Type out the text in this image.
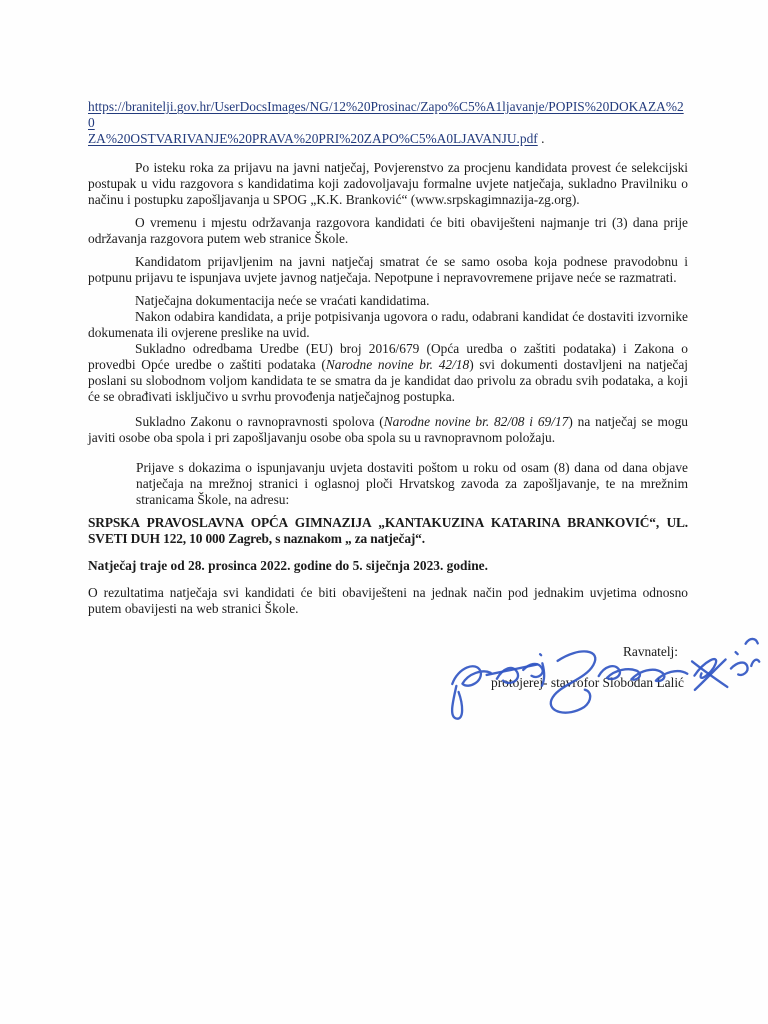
https://branitelji.gov.hr/UserDocsImages/NG/12%20Prosinac/Zapo%C5%A1ljavanje/POPIS%20DOKAZA%20
ZA%20OSTVARIVANJE%20PRAVA%20PRI%20ZAPO%C5%A0LJAVANJU.pdf .

Po isteku roka za prijavu na javni natječaj, Povjerenstvo za procjenu kandidata provest će selekcijski postupak u vidu razgovora s kandidatima koji zadovoljavaju formalne uvjete natječaja, sukladno Pravilniku o načinu i postupku zapošljavanja u SPOG „K.K. Branković“ (www.srpskagimnazija-zg.org).

O vremenu i mjestu održavanja razgovora kandidati će biti obaviješteni najmanje tri (3) dana prije održavanja razgovora putem web stranice Škole.

Kandidatom prijavljenim na javni natječaj smatrat će se samo osoba koja podnese pravodobnu i potpunu prijavu te ispunjava uvjete javnog natječaja. Nepotpune i nepravovremene prijave neće se razmatrati.

Natječajna dokumentacija neće se vraćati kandidatima.

Nakon odabira kandidata, a prije potpisivanja ugovora o radu, odabrani kandidat će dostaviti izvornike dokumenata ili ovjerene preslike na uvid.

Sukladno odredbama Uredbe (EU) broj 2016/679 (Opća uredba o zaštiti podataka) i Zakona o provedbi Opće uredbe o zaštiti podataka (Narodne novine br. 42/18) svi dokumenti dostavljeni na natječaj poslani su slobodnom voljom kandidata te se smatra da je kandidat dao privolu za obradu svih podataka, a koji će se obrađivati isključivo u svrhu provođenja natječajnog postupka.

Sukladno Zakonu o ravnopravnosti spolova (Narodne novine br. 82/08 i 69/17) na natječaj se mogu javiti osobe oba spola i pri zapošljavanju osobe oba spola su u ravnopravnom položaju.

Prijave s dokazima o ispunjavanju uvjeta dostaviti poštom u roku od osam (8) dana od dana objave natječaja na mrežnoj stranici i oglasnoj ploči Hrvatskog zavoda za zapošljavanje, te na mrežnim stranicama Škole, na adresu:

SRPSKA PRAVOSLAVNA OPĆA GIMNAZIJA „KANTAKUZINA KATARINA BRANKOVIĆ“, UL. SVETI DUH 122, 10 000 Zagreb, s naznakom „ za natječaj“.

Natječaj traje od 28. prosinca 2022. godine do 5. siječnja 2023. godine.

O rezultatima natječaja svi kandidati će biti obaviješteni na jednak način pod jednakim uvjetima odnosno putem obavijesti na web stranici Škole.

Ravnatelj:
protojerej- stavrofor Slobodan Lalić
